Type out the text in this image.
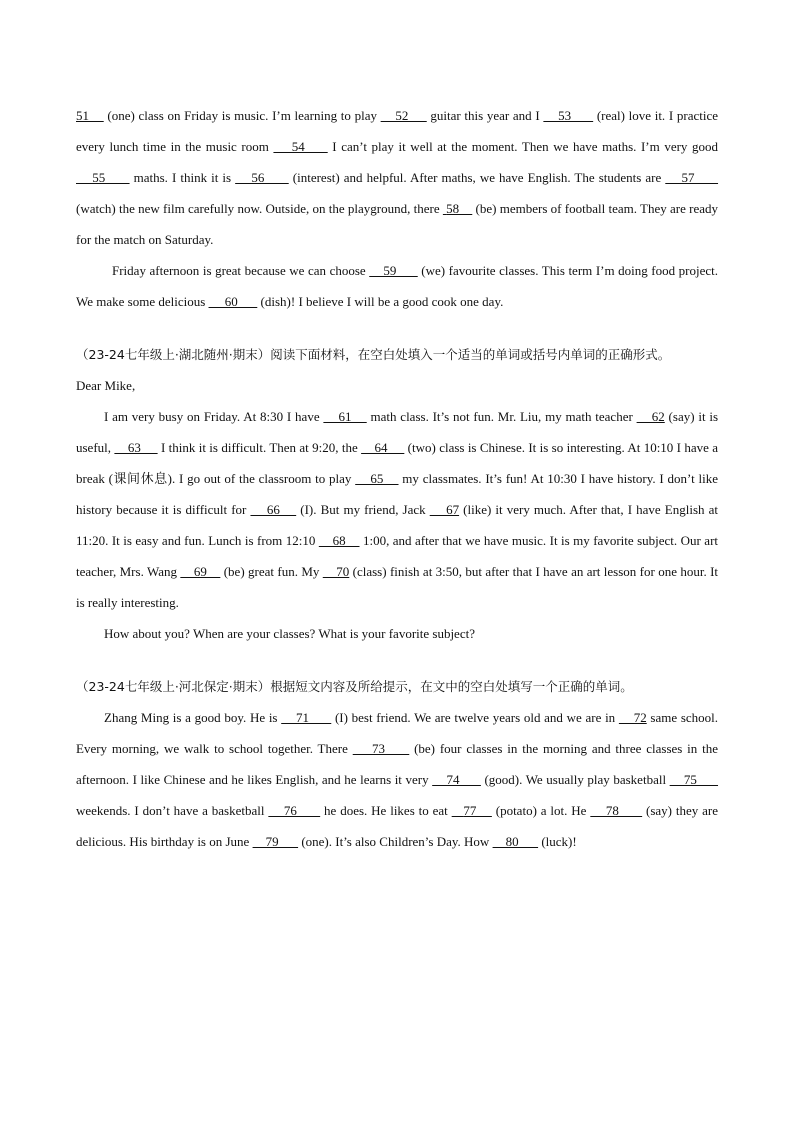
51     (one) class on Friday is music. I’m learning to play     52      guitar this year and I     53       (real) love it. I practice every lunch time in the music room     54      I can’t play it well at the moment. Then we have maths. I’m very good     55       maths. I think it is     56       (interest) and helpful. After maths, we have English. The students are     57       (watch) the new film carefully now. Outside, on the playground, there  58     (be) members of football team. They are ready for the match on Saturday.

Friday afternoon is great because we can choose     59       (we) favourite classes. This term I’m doing food project. We make some delicious      60       (dish)! I believe I will be a good cook one day.

（23-24七年级上·湖北随州·期末）阅读下面材料，在空白处填入一个适当的单词或括号内单词的正确形式。

Dear Mike,

I am very busy on Friday. At 8:30 I have     61     math class. It’s not fun. Mr. Liu, my math teacher     62 (say) it is useful,     63      I think it is difficult. Then at 9:20, the     64      (two) class is Chinese. It is so interesting. At 10:10 I have a break (课间休息). I go out of the classroom to play     65     my classmates. It’s fun! At 10:30 I have history. I don’t like history because it is difficult for     66     (I). But my friend, Jack     67 (like) it very much. After that, I have English at 11:20. It is easy and fun. Lunch is from 12:10     68     1:00, and after that we have music. It is my favorite subject. Our art teacher, Mrs. Wang     69     (be) great fun. My     70 (class) finish at 3:50, but after that I have an art lesson for one hour. It is really interesting.

How about you? When are your classes? What is your favorite subject?

（23-24七年级上·河北保定·期末）根据短文内容及所给提示，在文中的空白处填写一个正确的单词。

Zhang Ming is a good boy. He is     71       (I) best friend. We are twelve years old and we are in     72 same school. Every morning, we walk to school together. There     73      (be) four classes in the morning and three classes in the afternoon. I like Chinese and he likes English, and he learns it very     74       (good). We usually play basketball     75       weekends. I don’t have a basketball     76       he does. He likes to eat    77     (potato) a lot. He     78       (say) they are delicious. His birthday is on June     79       (one). It’s also Children’s Day. How     80       (luck)!
